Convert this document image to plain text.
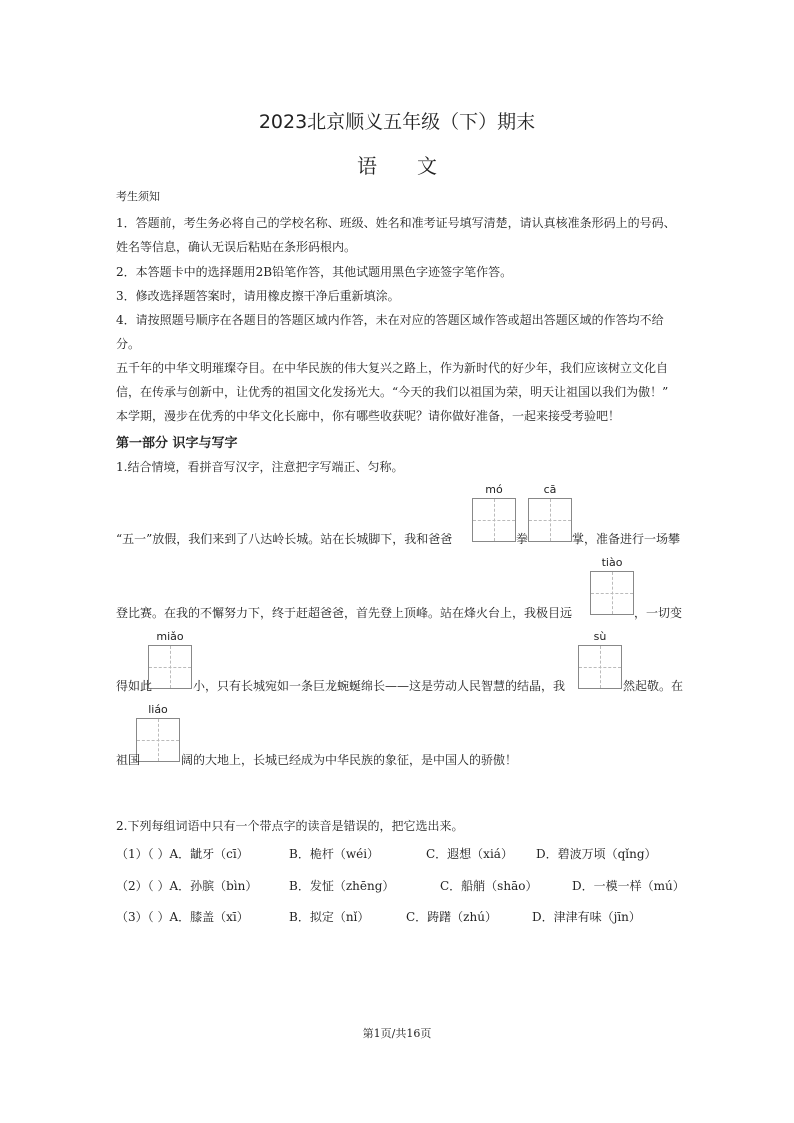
2023北京顺义五年级（下）期末
语文
考生须知
1．答题前，考生务必将自己的学校名称、班级、姓名和准考证号填写清楚，请认真核准条形码上的号码、
姓名等信息，确认无误后粘贴在条形码根内。
2．本答题卡中的选择题用2B铅笔作答，其他试题用黑色字迹签字笔作答。
3．修改选择题答案时，请用橡皮擦干净后重新填涂。
4．请按照题号顺序在各题目的答题区域内作答，未在对应的答题区域作答或超出答题区域的作答均不给
分。
五千年的中华文明璀璨夺目。在中华民族的伟大复兴之路上，作为新时代的好少年，我们应该树立文化自
信，在传承与创新中，让优秀的祖国文化发扬光大。“今天的我们以祖国为荣，明天让祖国以我们为傲！”
本学期，漫步在优秀的中华文化长廊中，你有哪些收获呢？请你做好准备，一起来接受考验吧！
第一部分 识字与写字
1.结合情境，看拼音写汉字，注意把字写端正、匀称。
mó	cā
“五一”放假，我们来到了八达岭长城。站在长城脚下，我和爸爸	拳	掌，准备进行一场攀
tiào
登比赛。在我的不懈努力下，终于赶超爸爸，首先登上顶峰。站在烽火台上，我极目远	，一切变
miǎo	sù
得如此	小，只有长城宛如一条巨龙蜿蜒绵长——这是劳动人民智慧的结晶，我	然起敬。在
liáo
祖国	阔的大地上，长城已经成为中华民族的象征，是中国人的骄傲！
2.下列每组词语中只有一个带点字的读音是错误的，把它选出来。
（1）（ ）A．龇牙（cī）	B．桅杆（wéi）	C．遐想（xiá） D．碧波万顷（qǐng）
（2）（ ）A．孙膑（bìn）	B．发怔（zhēng）	C．船艄（shāo）	D．一模一样（mú）
（3）（ ）A．膝盖（xī）	B．拟定（nǐ）	C．踌躇（zhú）	D．津津有味（jīn）
第1页/共16页
